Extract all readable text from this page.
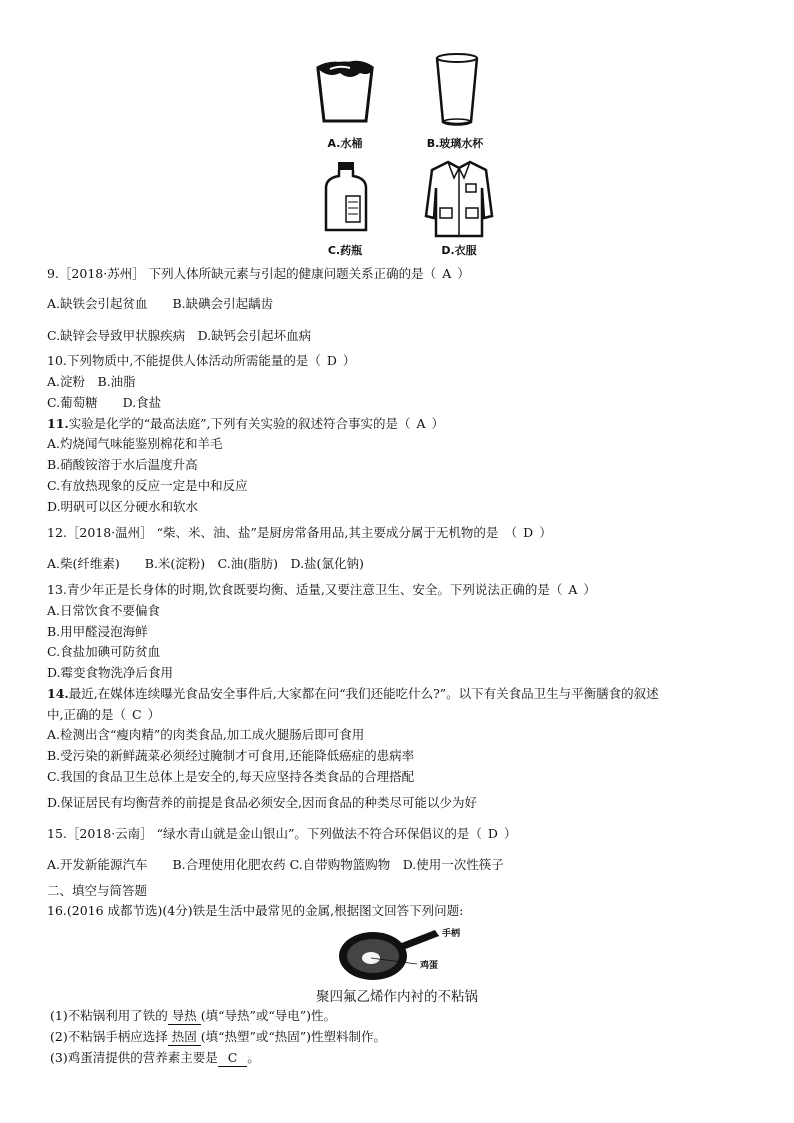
A.水桶	B.玻璃水杯
C.药瓶	D.衣服
9.［2018·苏州］ 下列人体所缺元素与引起的健康问题关系正确的是（ A ）
A.缺铁会引起贫血　　B.缺碘会引起龋齿
C.缺锌会导致甲状腺疾病　D.缺钙会引起坏血病
10.下列物质中,不能提供人体活动所需能量的是（ D ）
A.淀粉　B.油脂
C.葡萄糖　　D.食盐
11.实验是化学的“最高法庭”,下列有关实验的叙述符合事实的是（ A ）
A.灼烧闻气味能鉴别棉花和羊毛
B.硝酸铵溶于水后温度升高
C.有放热现象的反应一定是中和反应
D.明矾可以区分硬水和软水
12.［2018·温州］ “柴、米、油、盐”是厨房常备用品,其主要成分属于无机物的是　（ D ）
A.柴(纤维素)　　B.米(淀粉)　C.油(脂肪)　D.盐(氯化钠)
13.青少年正是长身体的时期,饮食既要均衡、适量,又要注意卫生、安全。下列说法正确的是（ A ）
A.日常饮食不要偏食
B.用甲醛浸泡海鲜
C.食盐加碘可防贫血
D.霉变食物洗净后食用
14.最近,在媒体连续曝光食品安全事件后,大家都在问“我们还能吃什么?”。以下有关食品卫生与平衡膳食的叙述
中,正确的是（ C ）
A.检测出含“瘦肉精”的肉类食品,加工成火腿肠后即可食用
B.受污染的新鲜蔬菜必须经过腌制才可食用,还能降低癌症的患病率
C.我国的食品卫生总体上是安全的,每天应坚持各类食品的合理搭配
D.保证居民有均衡营养的前提是食品必须安全,因而食品的种类尽可能以少为好
15.［2018·云南］ “绿水青山就是金山银山”。下列做法不符合环保倡议的是（ D ）
A.开发新能源汽车　　B.合理使用化肥农药 C.自带购物篮购物　D.使用一次性筷子
二、填空与简答题
16.(2016 成都节选)(4分)铁是生活中最常见的金属,根据图文回答下列问题:
手柄
鸡蛋
聚四氟乙烯作内衬的不粘锅
(1)不粘锅利用了铁的 导热 (填“导热”或“导电”)性。
(2)不粘锅手柄应选择 热固 (填“热塑”或“热固”)性塑料制作。
(3)鸡蛋清提供的营养素主要是 C 。
